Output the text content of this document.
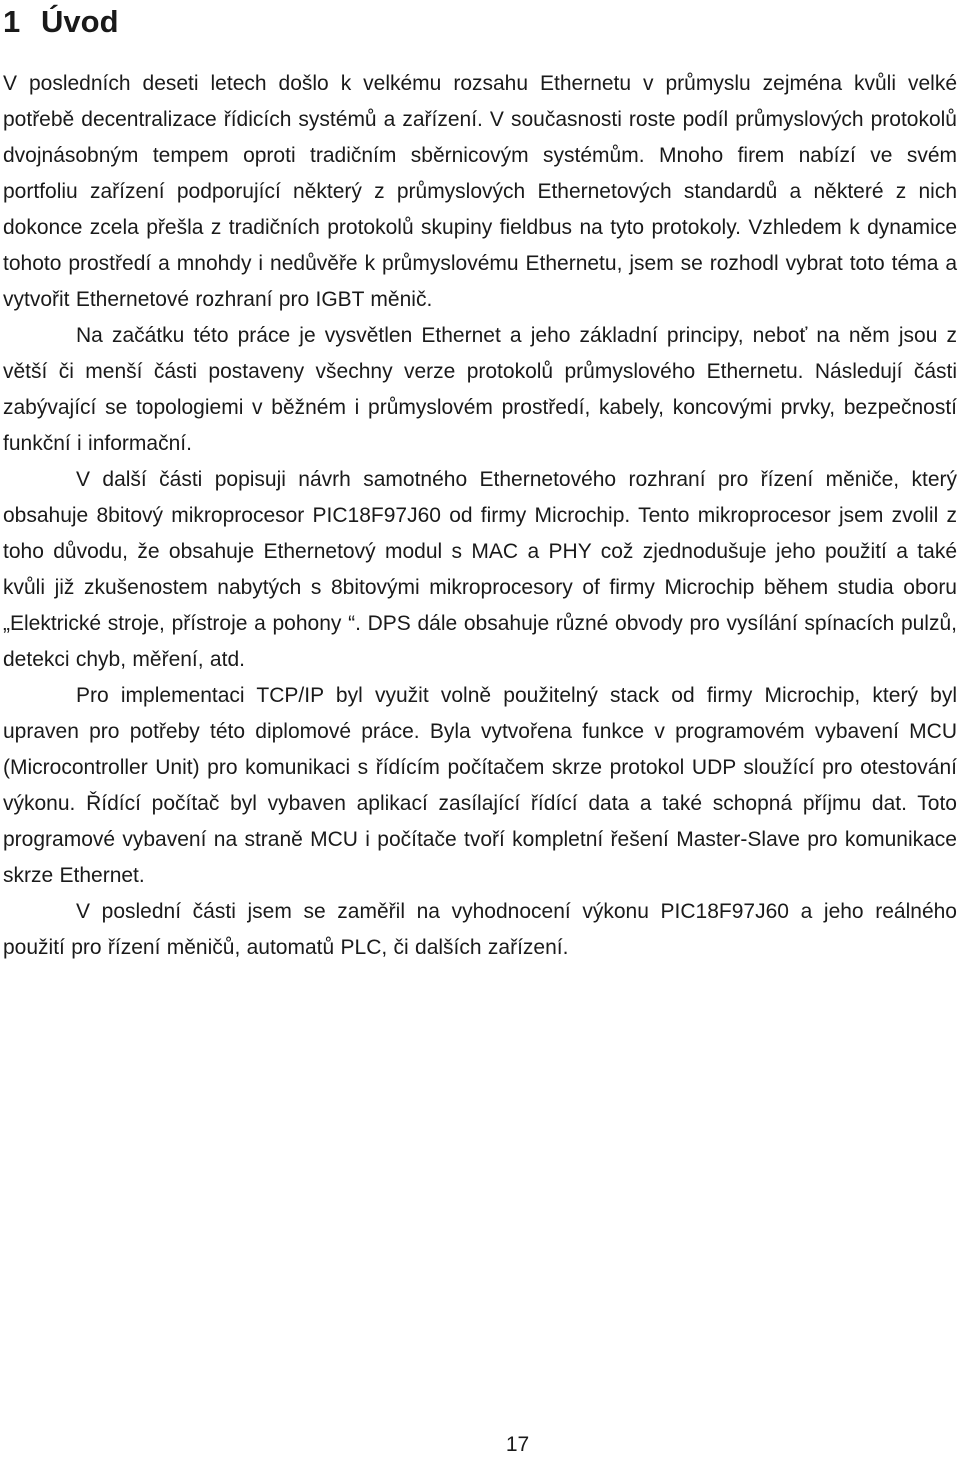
1 Úvod

V posledních deseti letech došlo k velkému rozsahu Ethernetu v průmyslu zejména kvůli velké potřebě decentralizace řídicích systémů a zařízení. V současnosti roste podíl průmyslových protokolů dvojnásobným tempem oproti tradičním sběrnicovým systémům. Mnoho firem nabízí ve svém portfoliu zařízení podporující některý z průmyslových Ethernetových standardů a některé z nich dokonce zcela přešla z tradičních protokolů skupiny fieldbus na tyto protokoly. Vzhledem k dynamice tohoto prostředí a mnohdy i nedůvěře k průmyslovému Ethernetu, jsem se rozhodl vybrat toto téma a vytvořit Ethernetové rozhraní pro IGBT měnič.

Na začátku této práce je vysvětlen Ethernet a jeho základní principy, neboť na něm jsou z větší či menší části postaveny všechny verze protokolů průmyslového Ethernetu. Následují části zabývající se topologiemi v běžném i průmyslovém prostředí, kabely, koncovými prvky, bezpečností funkční i informační.

V další části popisuji návrh samotného Ethernetového rozhraní pro řízení měniče, který obsahuje 8bitový mikroprocesor PIC18F97J60 od firmy Microchip. Tento mikroprocesor jsem zvolil z toho důvodu, že obsahuje Ethernetový modul s MAC a PHY což zjednodušuje jeho použití a také kvůli již zkušenostem nabytých s 8bitovými mikroprocesory of firmy Microchip během studia oboru „Elektrické stroje, přístroje a pohony “. DPS dále obsahuje různé obvody pro vysílání spínacích pulzů, detekci chyb, měření, atd.

Pro implementaci TCP/IP byl využit volně použitelný stack od firmy Microchip, který byl upraven pro potřeby této diplomové práce. Byla vytvořena funkce v programovém vybavení MCU (Microcontroller Unit) pro komunikaci s řídícím počítačem skrze protokol UDP sloužící pro otestování výkonu. Řídící počítač byl vybaven aplikací zasílající řídící data a také schopná příjmu dat. Toto programové vybavení na straně MCU i počítače tvoří kompletní řešení Master-Slave pro komunikace skrze Ethernet.

V poslední části jsem se zaměřil na vyhodnocení výkonu PIC18F97J60 a jeho reálného použití pro řízení měničů, automatů PLC, či dalších zařízení.

17
